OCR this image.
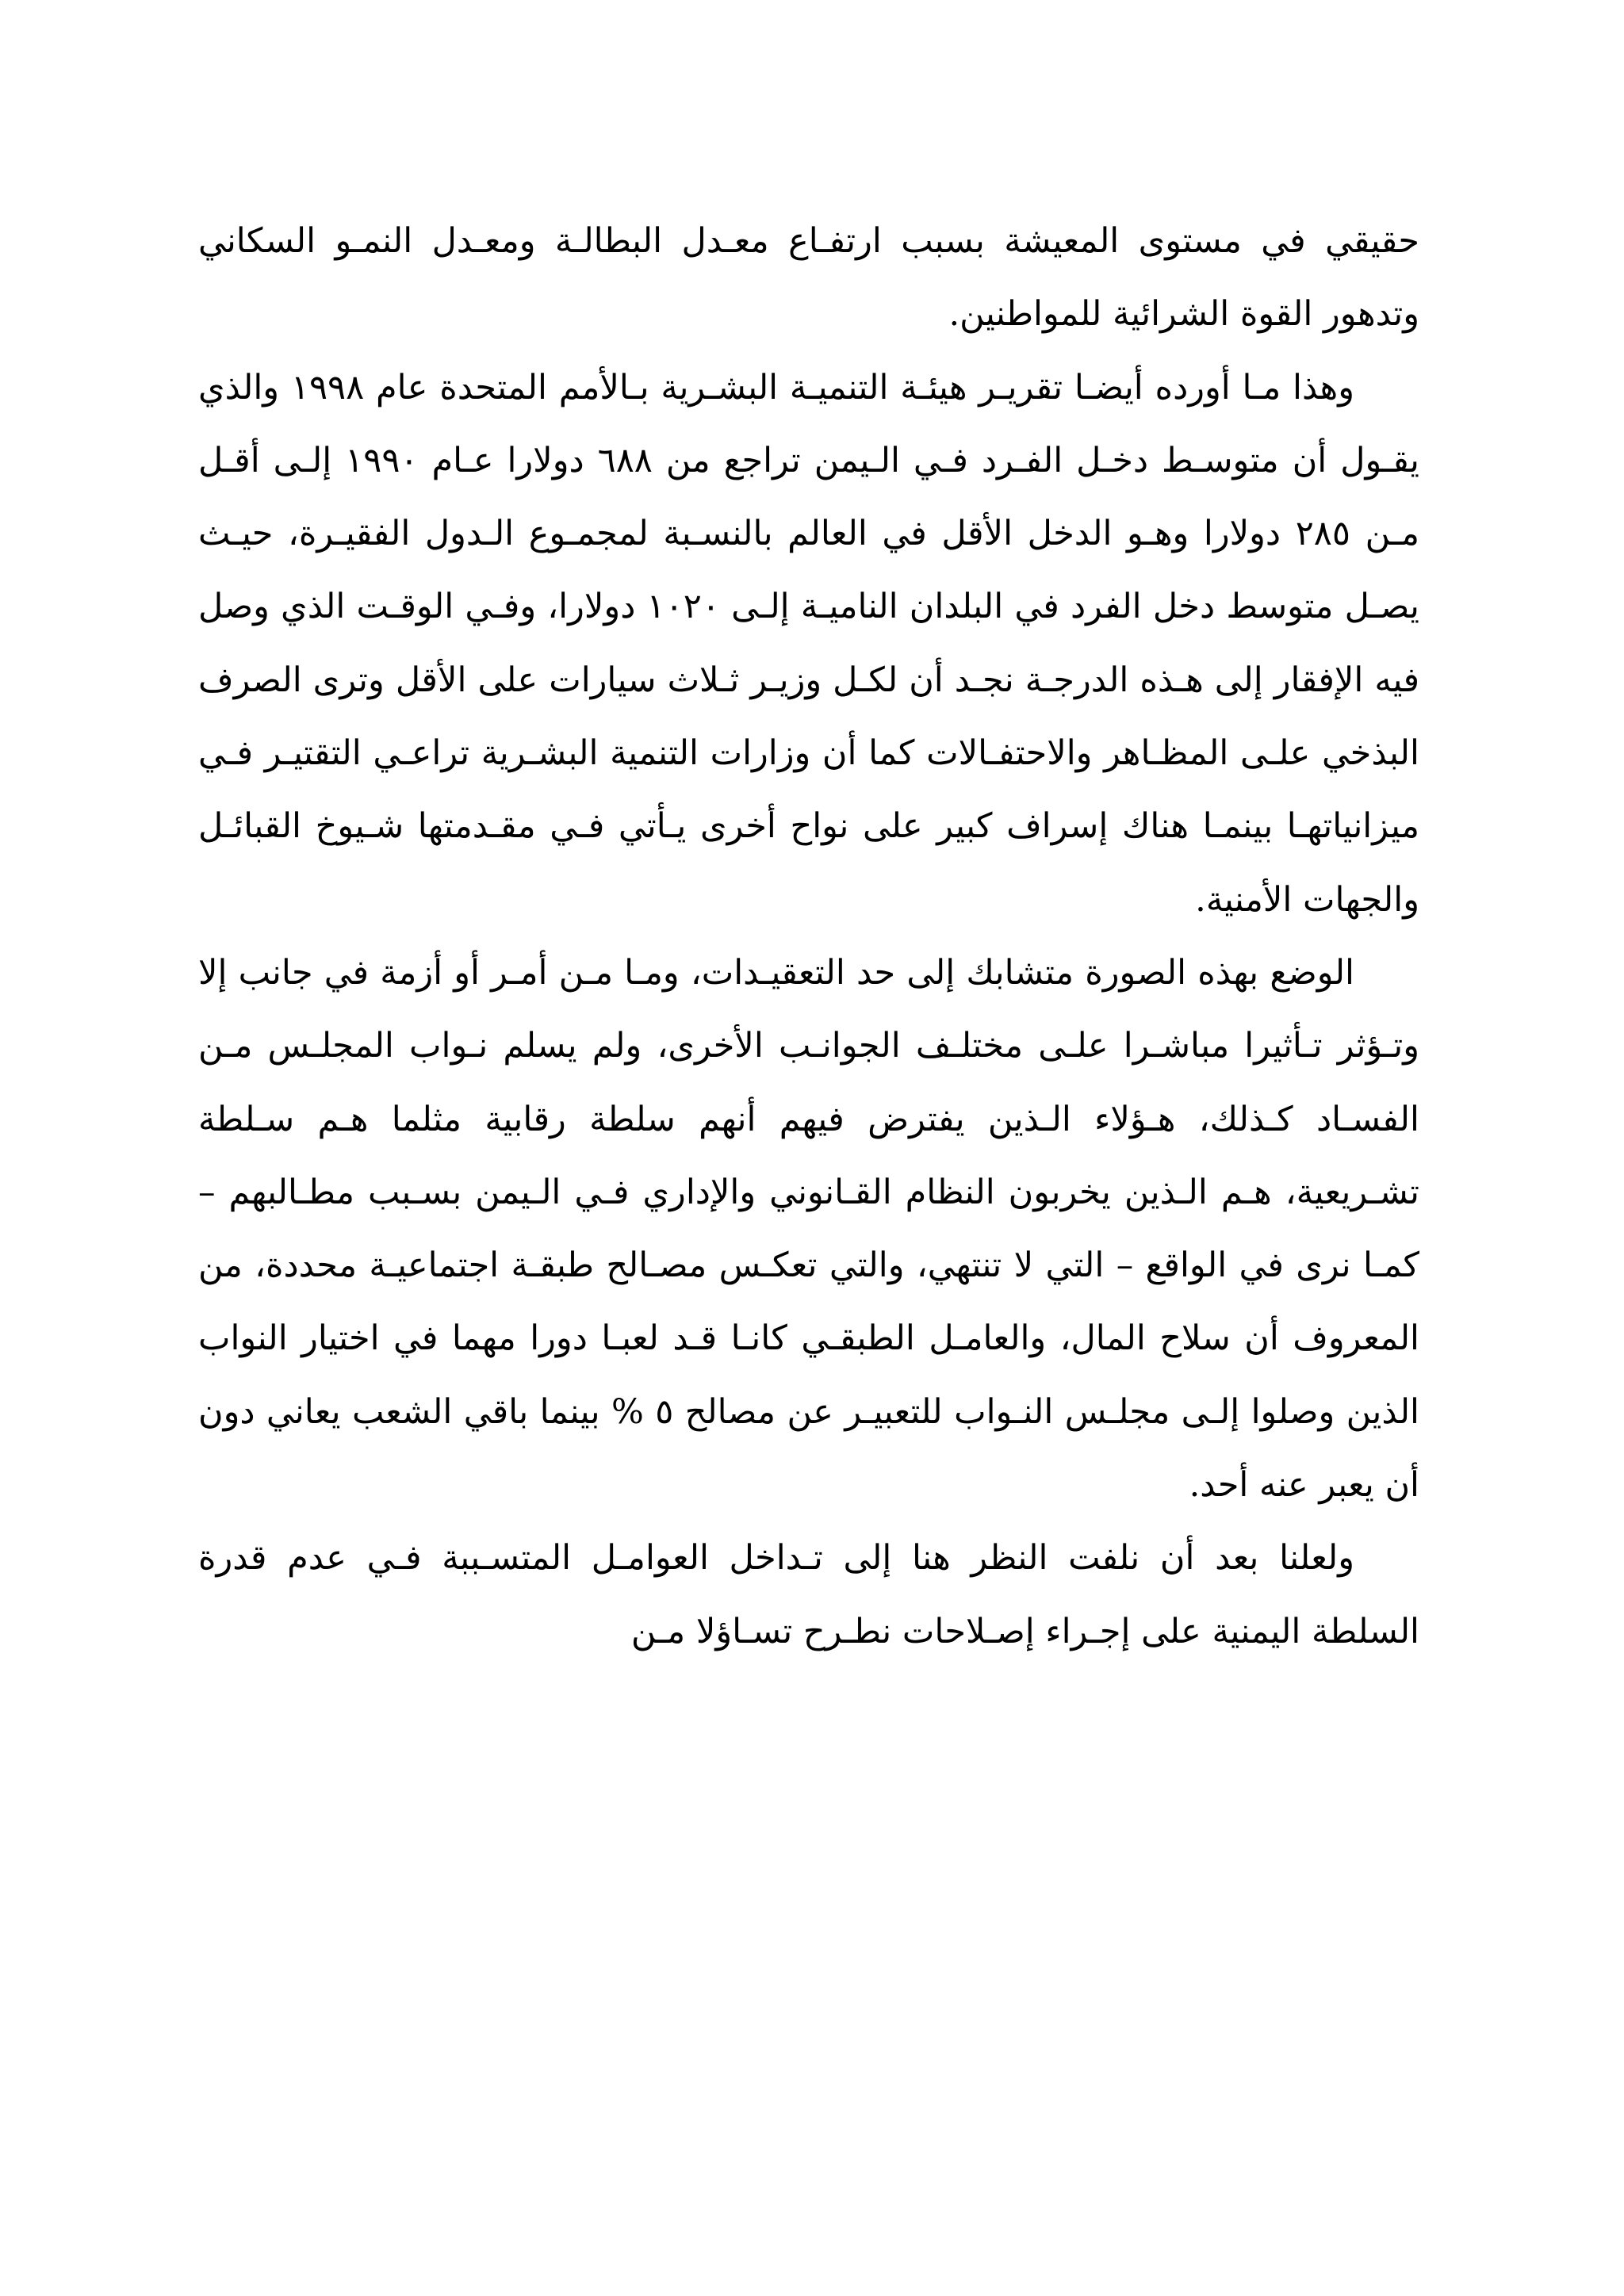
حقيقي في مستوى المعيشة بسبب ارتفـاع معـدل البطالـة ومعـدل النمـو السكاني وتدهور القوة الشرائية للمواطنين.

وهذا مـا أورده أيضـا تقريـر هيئـة التنميـة البشـرية بـالأمم المتحدة عام ١٩٩٨ والذي يقـول أن متوسـط دخـل الفـرد فـي الـيمن تراجع من ٦٨٨ دولارا عـام ١٩٩٠ إلـى أقـل مـن ٢٨٥ دولارا وهـو الدخل الأقل في العالم بالنسـبة لمجمـوع الـدول الفقيـرة، حيـث يصـل متوسط دخل الفرد في البلدان الناميـة إلـى ١٠٢٠ دولارا، وفـي الوقـت الذي وصل فيه الإفقار إلى هـذه الدرجـة نجـد أن لكـل وزيـر ثـلاث سيارات على الأقل وترى الصرف البذخي علـى المظـاهر والاحتفـالات كما أن وزارات التنمية البشـرية تراعـي التقتيـر فـي ميزانياتهـا بينمـا هناك إسراف كبير على نواح أخرى يـأتي فـي مقـدمتها شـيوخ القبائـل والجهات الأمنية.

الوضع بهذه الصورة متشابك إلى حد التعقيـدات، ومـا مـن أمـر أو أزمة في جانب إلا وتـؤثر تـأثيرا مباشـرا علـى مختلـف الجوانـب الأخرى، ولم يسلم نـواب المجلـس مـن الفسـاد كـذلك، هـؤلاء الـذين يفترض فيهم أنهم سلطة رقابية مثلما هـم سـلطة تشـريعية، هـم الـذين يخربون النظام القـانوني والإداري فـي الـيمن بسـبب مطـالبهم – كمـا نرى في الواقع – التي لا تنتهي، والتي تعكـس مصـالح طبقـة اجتماعيـة محددة، من المعروف أن سلاح المال، والعامـل الطبقـي كانـا قـد لعبـا دورا مهما في اختيار النواب الذين وصلوا إلـى مجلـس النـواب للتعبيـر عن مصالح ٥ % بينما باقي الشعب يعاني دون أن يعبر عنه أحد.

ولعلنا بعد أن نلفت النظر هنا إلى تـداخل العوامـل المتسـببة فـي عدم قدرة السلطة اليمنية على إجـراء إصـلاحات نطـرح تسـاؤلا مـن
